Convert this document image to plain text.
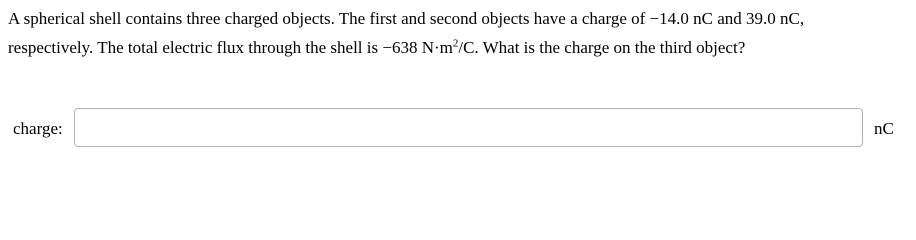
A spherical shell contains three charged objects. The first and second objects have a charge of −14.0 nC and 39.0 nC, respectively. The total electric flux through the shell is −638 $N\cdot m^2/C$. What is the charge on the third object?
charge:	nC
